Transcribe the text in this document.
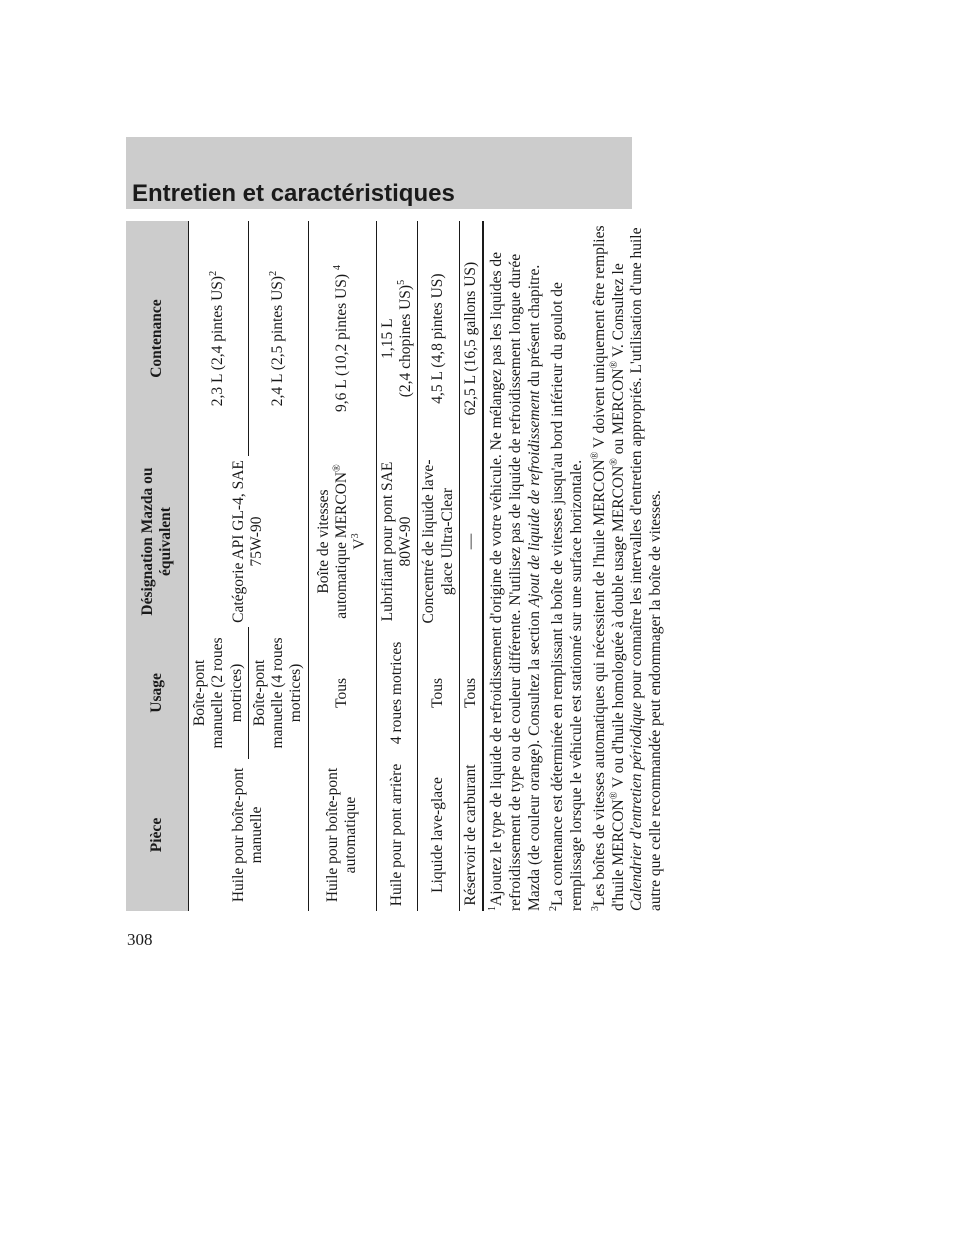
Entretien et caractéristiques
Pièce	Usage	Désignation Mazda ou équivalent	Contenance
Huile pour boîte-pont manuelle	Boîte-pont manuelle (2 roues motrices)	Catégorie API GL-4, SAE 75W-90	2,3 L (2,4 pintes US)$^2$
	Boîte-pont manuelle (4 roues motrices)		2,4 L (2,5 pintes US)$^2$
Huile pour boîte-pont automatique	Tous	Boîte de vitesses automatique MERCON® $V^3$	9,6 L (10,2 pintes US) $^4$
Huile pour pont arrière	4 roues motrices	Lubrifiant pour pont SAE 80W-90	1,15 L
(2,4 chopines US)$^5$
Liquide lave-glace	Tous	Concentré de liquide lave-glace Ultra-Clear	4,5 L (4,8 pintes US)
Réservoir de carburant	Tous	—	62,5 L (16,5 gallons US)

$^1$Ajoutez le type de liquide de refroidissement d'origine de votre véhicule. Ne mélangez pas les liquides de refroidissement de type ou de couleur différente. N'utilisez pas de liquide de refroidissement longue durée Mazda (de couleur orange). Consultez la section Ajout de liquide de refroidissement du présent chapitre.

$^2$La contenance est déterminée en remplissant la boîte de vitesses jusqu'au bord inférieur du goulot de remplissage lorsque le véhicule est stationné sur une surface horizontale. $^3$Les boîtes de vitesses automatiques qui nécessitent de l'huile MERCON® V doivent uniquement être remplies d'huile MERCON® V ou d'huile homologuée à double usage MERCON® ou MERCON® V. Consultez le Calendrier d'entretien périodique pour connaître les intervalles d'entretien appropriés. L'utilisation d'une huile autre que celle recommandée peut endommager la boîte de vitesses.

308
